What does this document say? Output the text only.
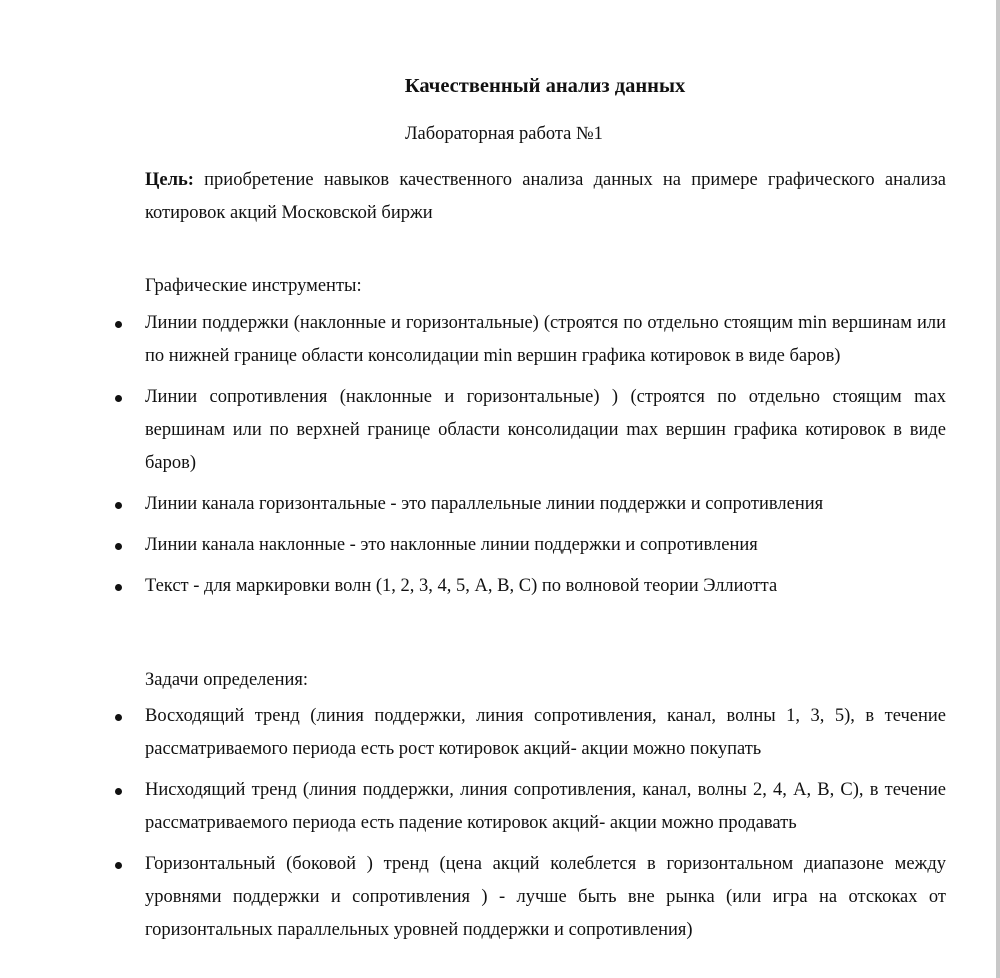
Качественный анализ данных
Лабораторная работа №1
Цель: приобретение навыков качественного анализа данных на примере графического анализа котировок акций Московской биржи
Графические инструменты:
Линии поддержки (наклонные и горизонтальные) (строятся по отдельно стоящим min вершинам или по нижней границе области консолидации min вершин графика котировок в виде баров)
Линии сопротивления (наклонные и горизонтальные) ) (строятся по отдельно стоящим max вершинам или по верхней границе области консолидации max вершин графика котировок в виде баров)
Линии канала горизонтальные - это параллельные линии поддержки и сопротивления
Линии канала наклонные - это наклонные линии поддержки и сопротивления
Текст - для маркировки волн (1, 2, 3, 4, 5, A, B, C) по волновой теории Эллиотта
Задачи определения:
Восходящий тренд (линия поддержки, линия сопротивления, канал, волны 1, 3, 5), в течение рассматриваемого периода есть рост котировок акций- акции можно покупать
Нисходящий тренд (линия поддержки, линия сопротивления, канал, волны 2, 4, A, B, C), в течение рассматриваемого периода есть падение котировок акций- акции можно продавать
Горизонтальный (боковой ) тренд (цена акций колеблется в горизонтальном диапазоне между уровнями поддержки и сопротивления ) - лучше быть вне рынка (или игра на отскоках от горизонтальных параллельных уровней поддержки и сопротивления)
